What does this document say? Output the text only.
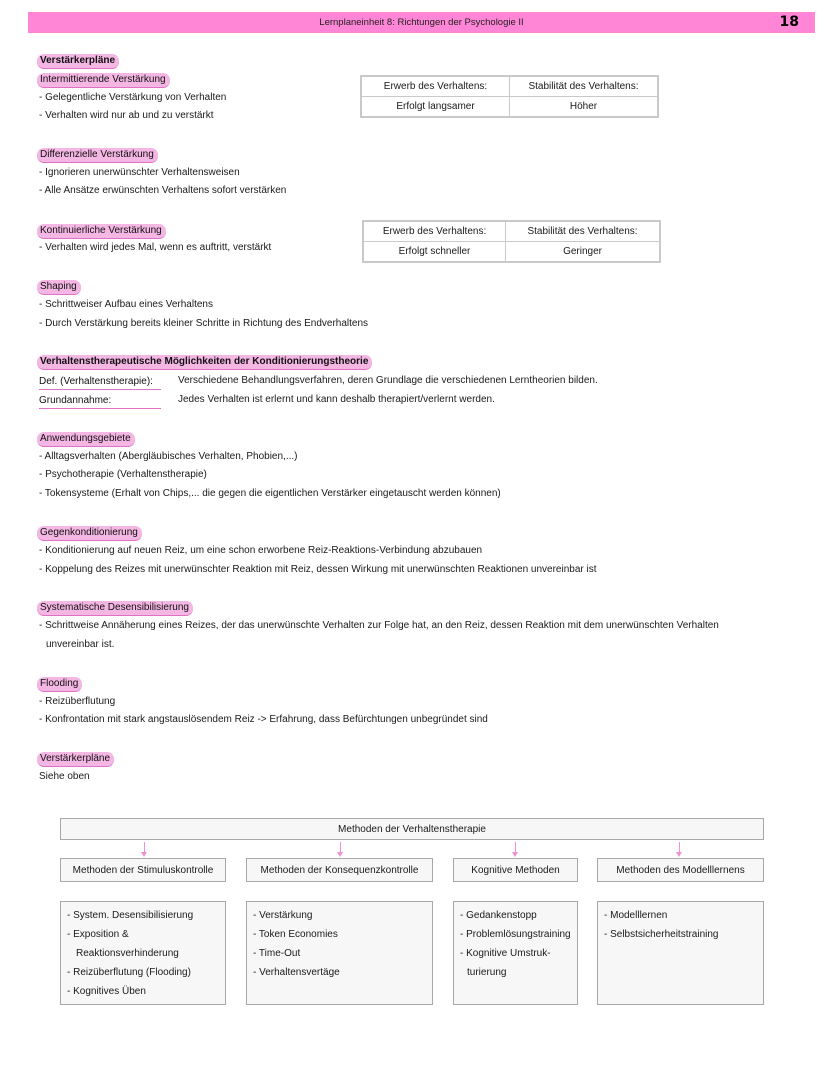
Lernplaneinheit 8: Richtungen der Psychologie II	18
Verstärkerpläne
Intermittierende Verstärkung
- Gelegentliche Verstärkung von Verhalten
- Verhalten wird nur ab und zu verstärkt
Erwerb des Verhaltens:	Stabilität des Verhaltens:
Erfolgt langsamer	Höher
Differenzielle Verstärkung
- Ignorieren unerwünschter Verhaltensweisen
- Alle Ansätze erwünschten Verhaltens sofort verstärken
Kontinuierliche Verstärkung
- Verhalten wird jedes Mal, wenn es auftritt, verstärkt
Erwerb des Verhaltens:	Stabilität des Verhaltens:
Erfolgt schneller	Geringer
Shaping
- Schrittweiser Aufbau eines Verhaltens
- Durch Verstärkung bereits kleiner Schritte in Richtung des Endverhaltens
Verhaltenstherapeutische Möglichkeiten der Konditionierungstheorie
Def. (Verhaltenstherapie):	Verschiedene Behandlungsverfahren, deren Grundlage die verschiedenen Lerntheorien bilden.
Grundannahme:	Jedes Verhalten ist erlernt und kann deshalb therapiert/verlernt werden.
Anwendungsgebiete
- Alltagsverhalten (Abergläubisches Verhalten, Phobien,...)
- Psychotherapie (Verhaltenstherapie)
- Tokensysteme (Erhalt von Chips,... die gegen die eigentlichen Verstärker eingetauscht werden können)
Gegenkonditionierung
- Konditionierung auf neuen Reiz, um eine schon erworbene Reiz-Reaktions-Verbindung abzubauen
- Koppelung des Reizes mit unerwünschter Reaktion mit Reiz, dessen Wirkung mit unerwünschten Reaktionen unvereinbar ist
Systematische Desensibilisierung
- Schrittweise Annäherung eines Reizes, der das unerwünschte Verhalten zur Folge hat, an den Reiz, dessen Reaktion mit dem unerwünschten Verhalten
unvereinbar ist.
Flooding
- Reizüberflutung
- Konfrontation mit stark angstauslösendem Reiz -> Erfahrung, dass Befürchtungen unbegründet sind
Verstärkerpläne
Siehe oben
Methoden der Verhaltenstherapie
Methoden der Stimuluskontrolle	Methoden der Konsequenzkontrolle	Kognitive Methoden	Methoden des Modelllernens
- System. Desensibilisierung
- Exposition &
Reaktionsverhinderung
- Reizüberflutung (Flooding)
- Kognitives Üben
- Verstärkung
- Token Economies
- Time-Out
- Verhaltensvertäge
- Gedankenstopp
- Problemlösungstraining
- Kognitive Umstruk-
turierung
- Modelllernen
- Selbstsicherheitstraining
